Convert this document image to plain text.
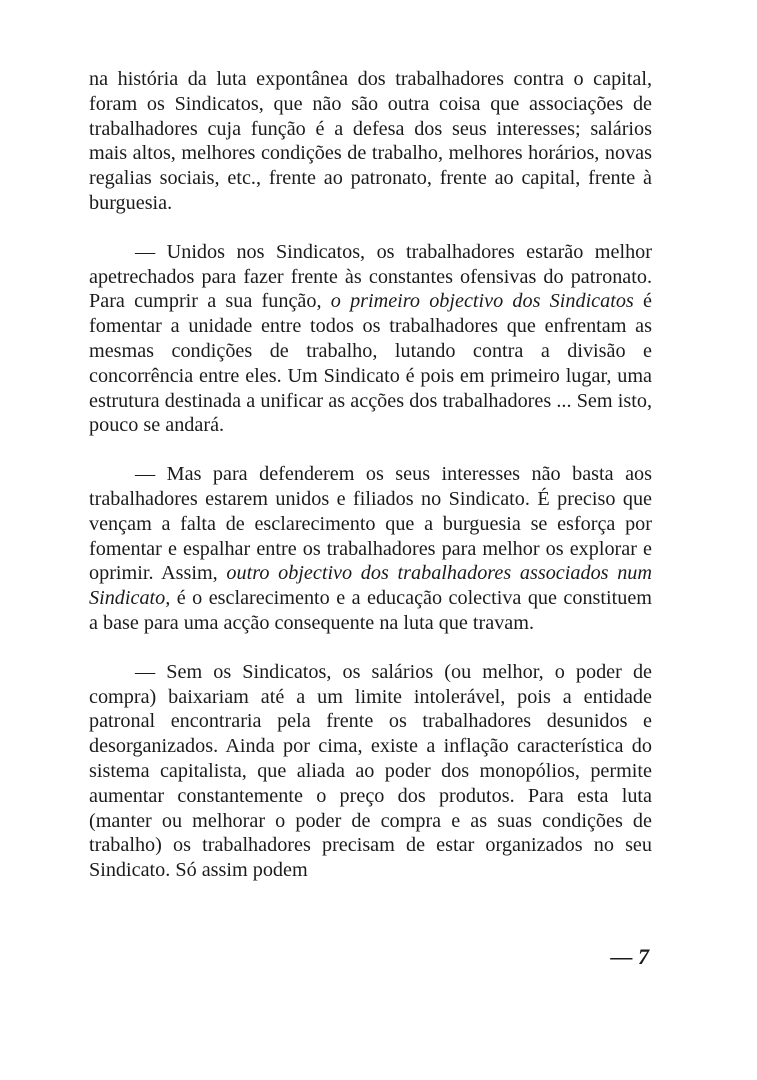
na história da luta expontânea dos trabalhadores contra o capital, foram os Sindicatos, que não são outra coisa que associações de trabalhadores cuja função é a defesa dos seus interesses; salários mais altos, melhores condições de trabalho, melhores horários, novas regalias sociais, etc., frente ao patronato, frente ao capital, frente à burguesia.

— Unidos nos Sindicatos, os trabalhadores estarão melhor apetrechados para fazer frente às constantes ofensivas do patronato. Para cumprir a sua função, o primeiro objectivo dos Sindicatos é fomentar a unidade entre todos os trabalhadores que enfrentam as mesmas condições de trabalho, lutando contra a divisão e concorrência entre eles. Um Sindicato é pois em primeiro lugar, uma estrutura destinada a unificar as acções dos trabalhadores ... Sem isto, pouco se andará.

— Mas para defenderem os seus interesses não basta aos trabalhadores estarem unidos e filiados no Sindicato. É preciso que vençam a falta de esclarecimento que a burguesia se esforça por fomentar e espalhar entre os trabalhadores para melhor os explorar e oprimir. Assim, outro objectivo dos trabalhadores associados num Sindicato, é o esclarecimento e a educação colectiva que constituem a base para uma acção consequente na luta que travam.

— Sem os Sindicatos, os salários (ou melhor, o poder de compra) baixariam até a um limite intolerável, pois a entidade patronal encontraria pela frente os trabalhadores desunidos e desorganizados. Ainda por cima, existe a inflação característica do sistema capitalista, que aliada ao poder dos monopólios, permite aumentar constantemente o preço dos produtos. Para esta luta (manter ou melhorar o poder de compra e as suas condições de trabalho) os trabalhadores precisam de estar organizados no seu Sindicato. Só assim podem

— 7
